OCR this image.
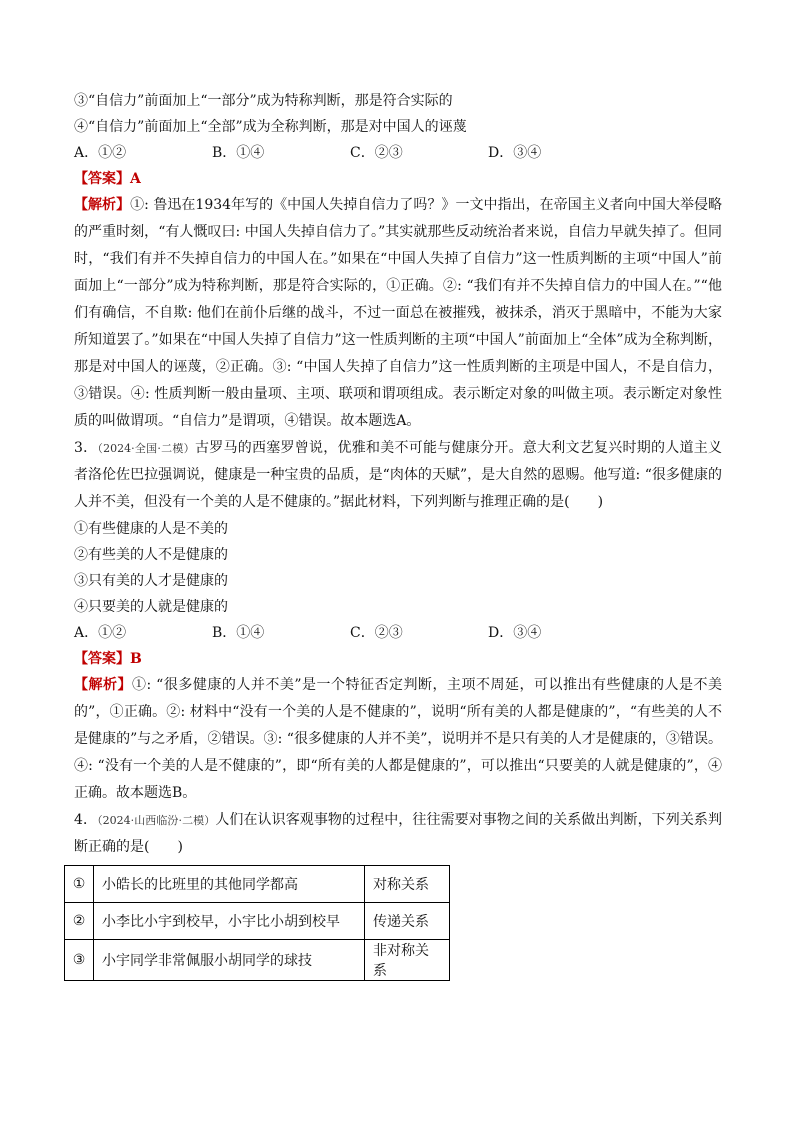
③“自信力”前面加上“一部分”成为特称判断，那是符合实际的
④“自信力”前面加上“全部”成为全称判断，那是对中国人的诬蔑
A．①②	B．①④	C．②③	D．③④
【答案】A
【解析】①: 鲁迅在1934年写的《中国人失掉自信力了吗？》一文中指出，在帝国主义者向中国大举侵略的严重时刻，“有人慨叹曰: 中国人失掉自信力了。”其实就那些反动统治者来说，自信力早就失掉了。但同时，“我们有并不失掉自信力的中国人在。”如果在“中国人失掉了自信力”这一性质判断的主项“中国人”前面加上“一部分”成为特称判断，那是符合实际的，①正确。②: “我们有并不失掉自信力的中国人在。”“他们有确信，不自欺: 他们在前仆后继的战斗，不过一面总在被摧残，被抹杀，消灭于黑暗中，不能为大家所知道罢了。”如果在“中国人失掉了自信力”这一性质判断的主项“中国人”前面加上“全体”成为全称判断，那是对中国人的诬蔑，②正确。③: “中国人失掉了自信力”这一性质判断的主项是中国人，不是自信力，③错误。④: 性质判断一般由量项、主项、联项和谓项组成。表示断定对象的叫做主项。表示断定对象性质的叫做谓项。“自信力”是谓项，④错误。故本题选A。
3．（2024·全国·二模）古罗马的西塞罗曾说，优雅和美不可能与健康分开。意大利文艺复兴时期的人道主义者洛伦佐巴拉强调说，健康是一种宝贵的品质，是“肉体的天赋”，是大自然的恩赐。他写道: “很多健康的人并不美，但没有一个美的人是不健康的。”据此材料，下列判断与推理正确的是(　　)
①有些健康的人是不美的
②有些美的人不是健康的
③只有美的人才是健康的
④只要美的人就是健康的
A．①②	B．①④	C．②③	D．③④
【答案】B
【解析】①: “很多健康的人并不美”是一个特征否定判断，主项不周延，可以推出有些健康的人是不美的”，①正确。②: 材料中“没有一个美的人是不健康的”，说明“所有美的人都是健康的”，“有些美的人不是健康的”与之矛盾，②错误。③: “很多健康的人并不美”，说明并不是只有美的人才是健康的，③错误。④: “没有一个美的人是不健康的”，即“所有美的人都是健康的”，可以推出“只要美的人就是健康的”，④正确。故本题选B。
4．（2024·山西临汾·二模）人们在认识客观事物的过程中，往往需要对事物之间的关系做出判断，下列关系判断正确的是(　　)
①	小皓长的比班里的其他同学都高	对称关系
②	小李比小宇到校早，小宇比小胡到校早	传递关系
③	小宇同学非常佩服小胡同学的球技	非对称关系
